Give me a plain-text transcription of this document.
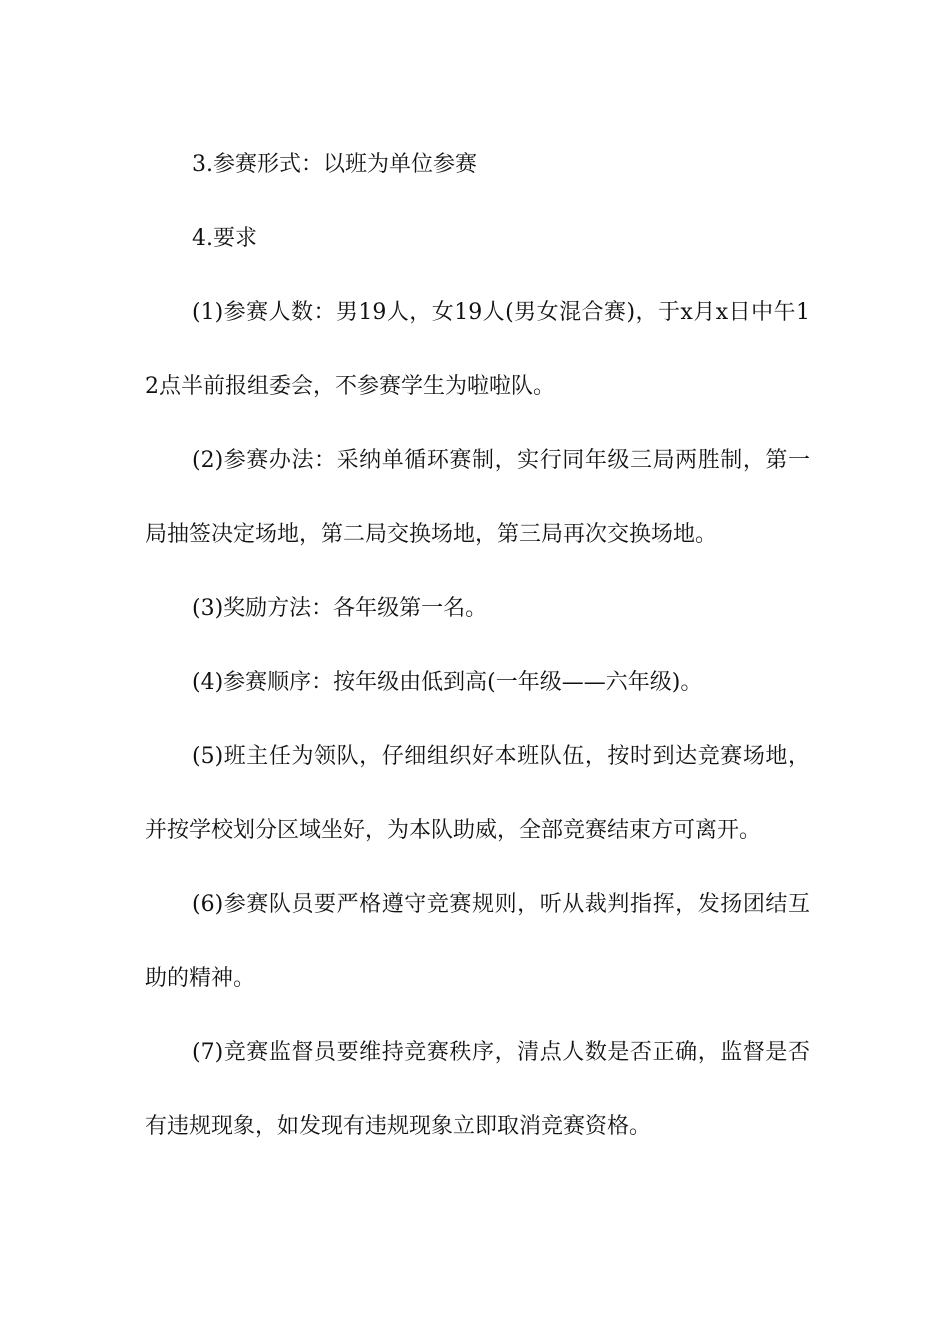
3.参赛形式：以班为单位参赛

4.要求

(1)参赛人数：男19人，女19人(男女混合赛)，于x月x日中午12点半前报组委会，不参赛学生为啦啦队。

(2)参赛办法：采纳单循环赛制，实行同年级三局两胜制，第一局抽签决定场地，第二局交换场地，第三局再次交换场地。

(3)奖励方法：各年级第一名。

(4)参赛顺序：按年级由低到高(一年级——六年级)。

(5)班主任为领队，仔细组织好本班队伍，按时到达竞赛场地，并按学校划分区域坐好，为本队助威，全部竞赛结束方可离开。

(6)参赛队员要严格遵守竞赛规则，听从裁判指挥，发扬团结互助的精神。

(7)竞赛监督员要维持竞赛秩序，清点人数是否正确，监督是否有违规现象，如发现有违规现象立即取消竞赛资格。
